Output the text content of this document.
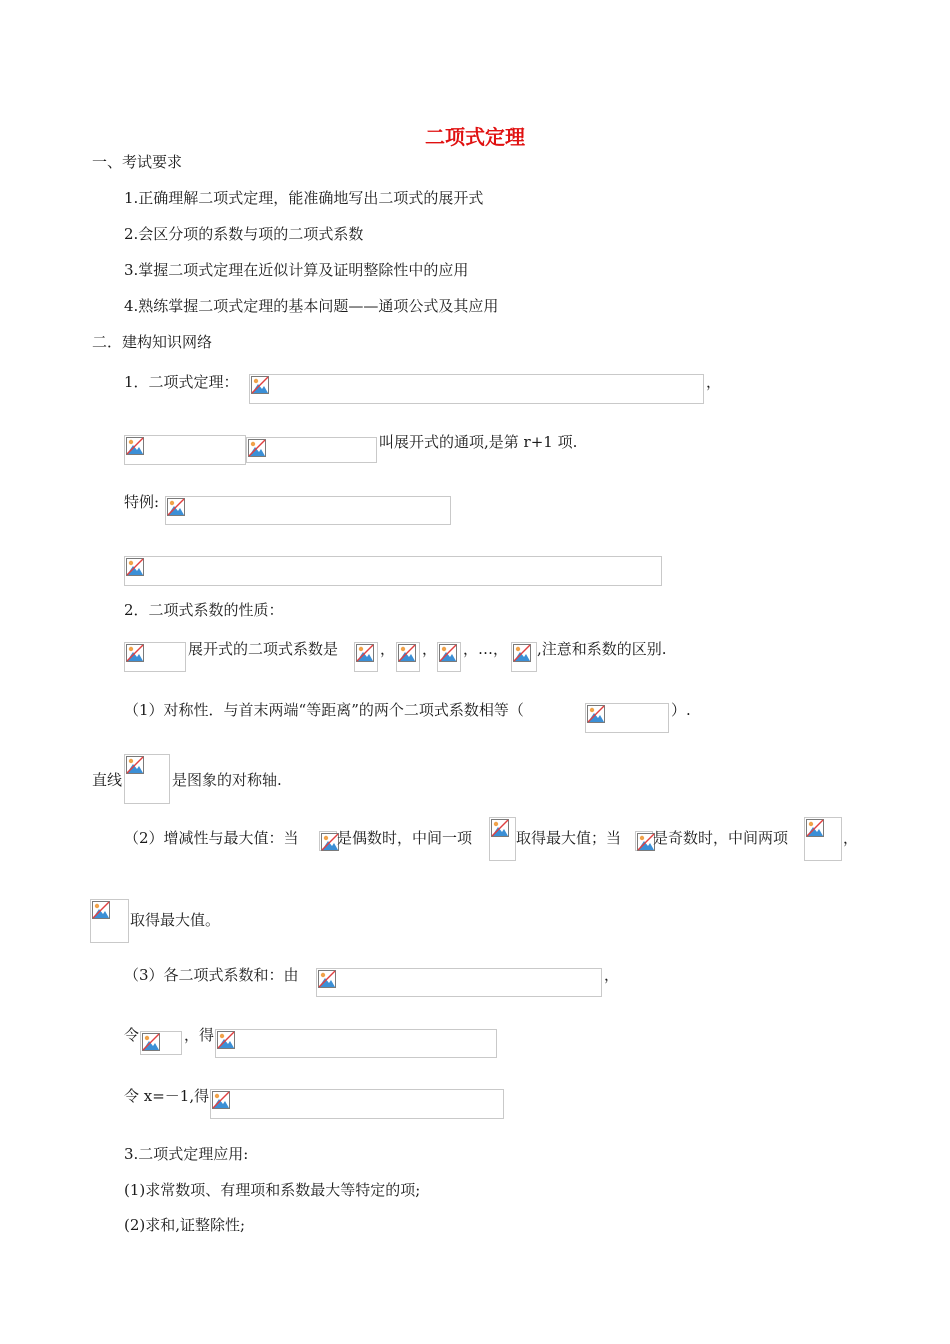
二项式定理
一、考试要求
1.正确理解二项式定理，能准确地写出二项式的展开式
2.会区分项的系数与项的二项式系数
3.掌握二项式定理在近似计算及证明整除性中的应用
4.熟练掌握二项式定理的基本问题——通项公式及其应用
二．建构知识网络
1．二项式定理：	，
叫展开式的通项,是第 r+1 项.
特例:
2．二项式系数的性质：
展开式的二项式系数是	， ， ，…， ,注意和系数的区别.
（1）对称性．与首末两端“等距离”的两个二项式系数相等（	）.
直线	是图象的对称轴.
（2）增减性与最大值：当	是偶数时，中间一项	取得最大值；当 是奇数时，中间两项	，
取得最大值。
（3）各二项式系数和：由	，
令	，得
令 x=－1,得
3.二项式定理应用:
(1)求常数项、有理项和系数最大等特定的项;
(2)求和,证整除性;
